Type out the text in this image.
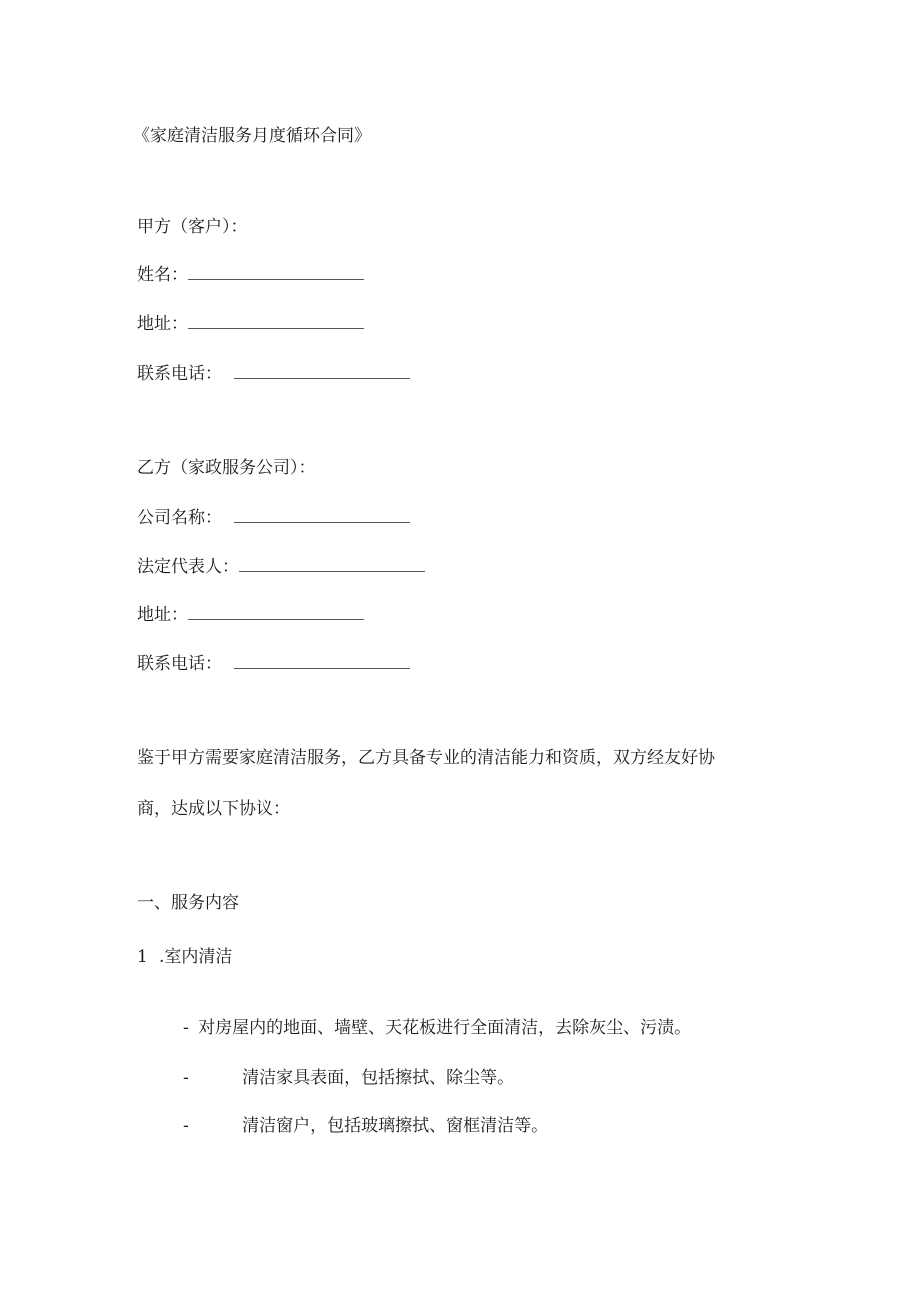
《家庭清洁服务月度循环合同》
甲方（客户）：
姓名：
地址：
联系电话：
乙方（家政服务公司）：
公司名称：
法定代表人：
地址：
联系电话：
鉴于甲方需要家庭清洁服务，乙方具备专业的清洁能力和资质，双方经友好协
商，达成以下协议：
一、服务内容
1 .室内清洁
- 对房屋内的地面、墙壁、天花板进行全面清洁，去除灰尘、污渍。
-	清洁家具表面，包括擦拭、除尘等。
-	清洁窗户，包括玻璃擦拭、窗框清洁等。
